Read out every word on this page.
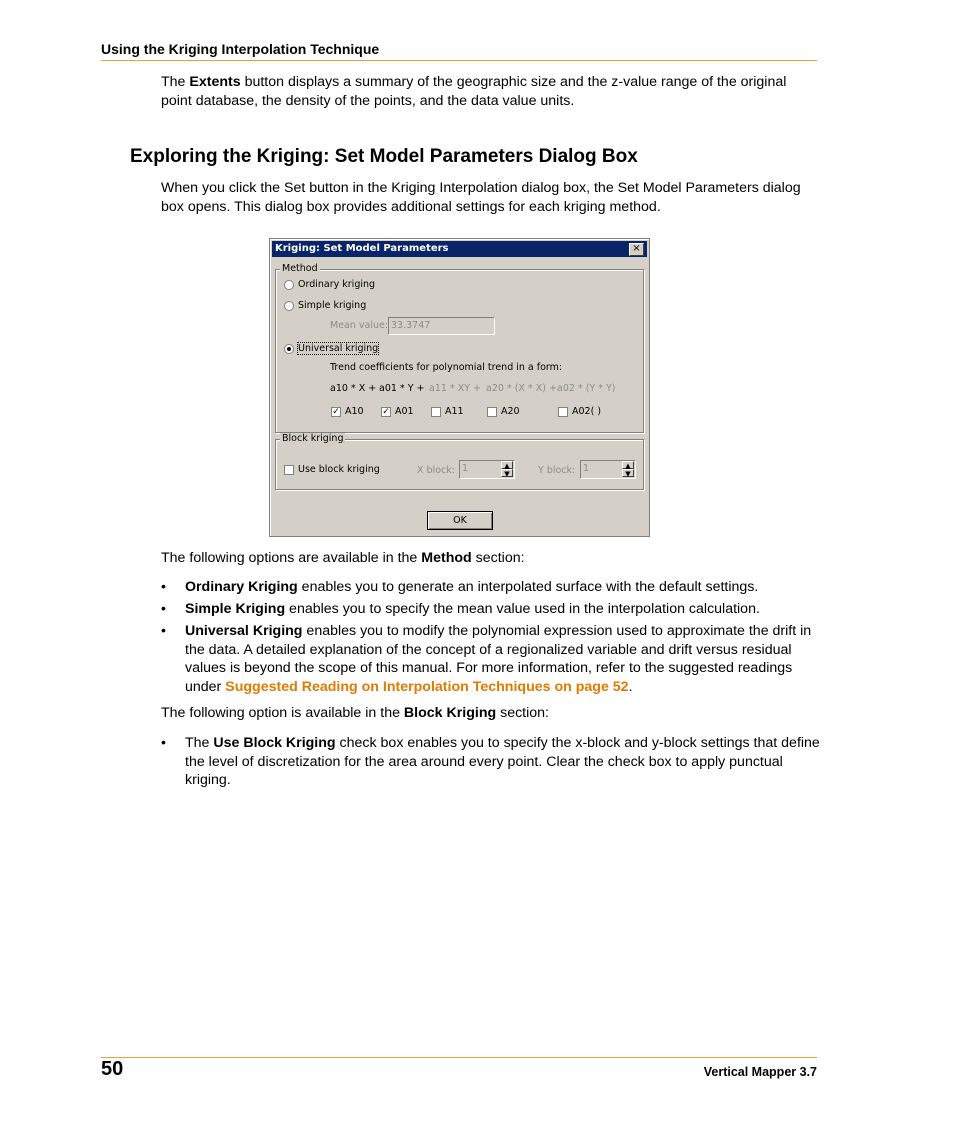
Using the Kriging Interpolation Technique
The Extents button displays a summary of the geographic size and the z-value range of the original point database, the density of the points, and the data value units.
Exploring the Kriging: Set Model Parameters Dialog Box
When you click the Set button in the Kriging Interpolation dialog box, the Set Model Parameters dialog box opens. This dialog box provides additional settings for each kriging method.
Kriging: Set Model Parameters	×
Method
Ordinary kriging
Simple kriging
Mean value: 33.3747
Universal kriging
Trend coefficients for polynomial trend in a form:
a10 * X + a01 * Y + a11 * XY + a20 * (X * X) + a02 * (Y * Y)
✓ A10 ✓ A01	A11	A20	A02( )
Block kriging
Use block kriging	X block: 1	▲
▼	Y block: 1	▲
▼
OK
The following options are available in the Method section:
• Ordinary Kriging enables you to generate an interpolated surface with the default settings.
• Simple Kriging enables you to specify the mean value used in the interpolation calculation.
• Universal Kriging enables you to modify the polynomial expression used to approximate the drift in the data. A detailed explanation of the concept of a regionalized variable and drift versus residual values is beyond the scope of this manual. For more information, refer to the suggested readings under Suggested Reading on Interpolation Techniques on page 52.
The following option is available in the Block Kriging section:
• The Use Block Kriging check box enables you to specify the x-block and y-block settings that define the level of discretization for the area around every point. Clear the check box to apply punctual kriging.
50	Vertical Mapper 3.7
